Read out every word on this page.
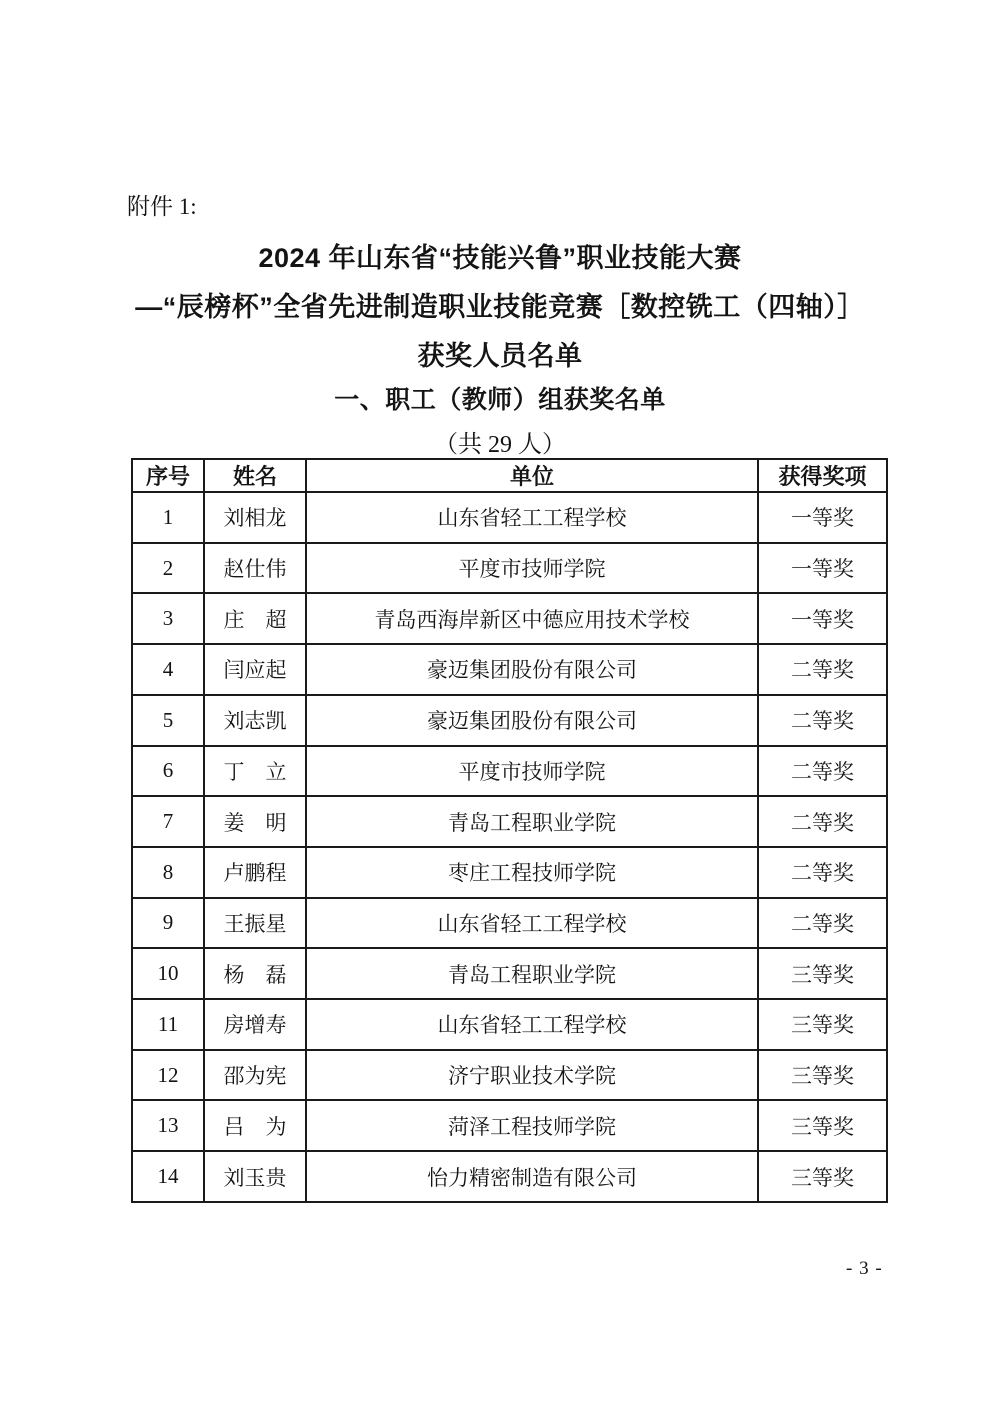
附件 1:
2024 年山东省“技能兴鲁”职业技能大赛
—“辰榜杯”全省先进制造职业技能竞赛［数控铣工（四轴）］
获奖人员名单
一、职工（教师）组获奖名单
（共 29 人）
序号	姓名	单位	获得奖项
1	刘相龙	山东省轻工工程学校	一等奖
2	赵仕伟	平度市技师学院	一等奖
3	庄　超	青岛西海岸新区中德应用技术学校	一等奖
4	闫应起	豪迈集团股份有限公司	二等奖
5	刘志凯	豪迈集团股份有限公司	二等奖
6	丁　立	平度市技师学院	二等奖
7	姜　明	青岛工程职业学院	二等奖
8	卢鹏程	枣庄工程技师学院	二等奖
9	王振星	山东省轻工工程学校	二等奖
10	杨　磊	青岛工程职业学院	三等奖
11	房增寿	山东省轻工工程学校	三等奖
12	邵为宪	济宁职业技术学院	三等奖
13	吕　为	菏泽工程技师学院	三等奖
14	刘玉贵	怡力精密制造有限公司	三等奖
- 3 -
